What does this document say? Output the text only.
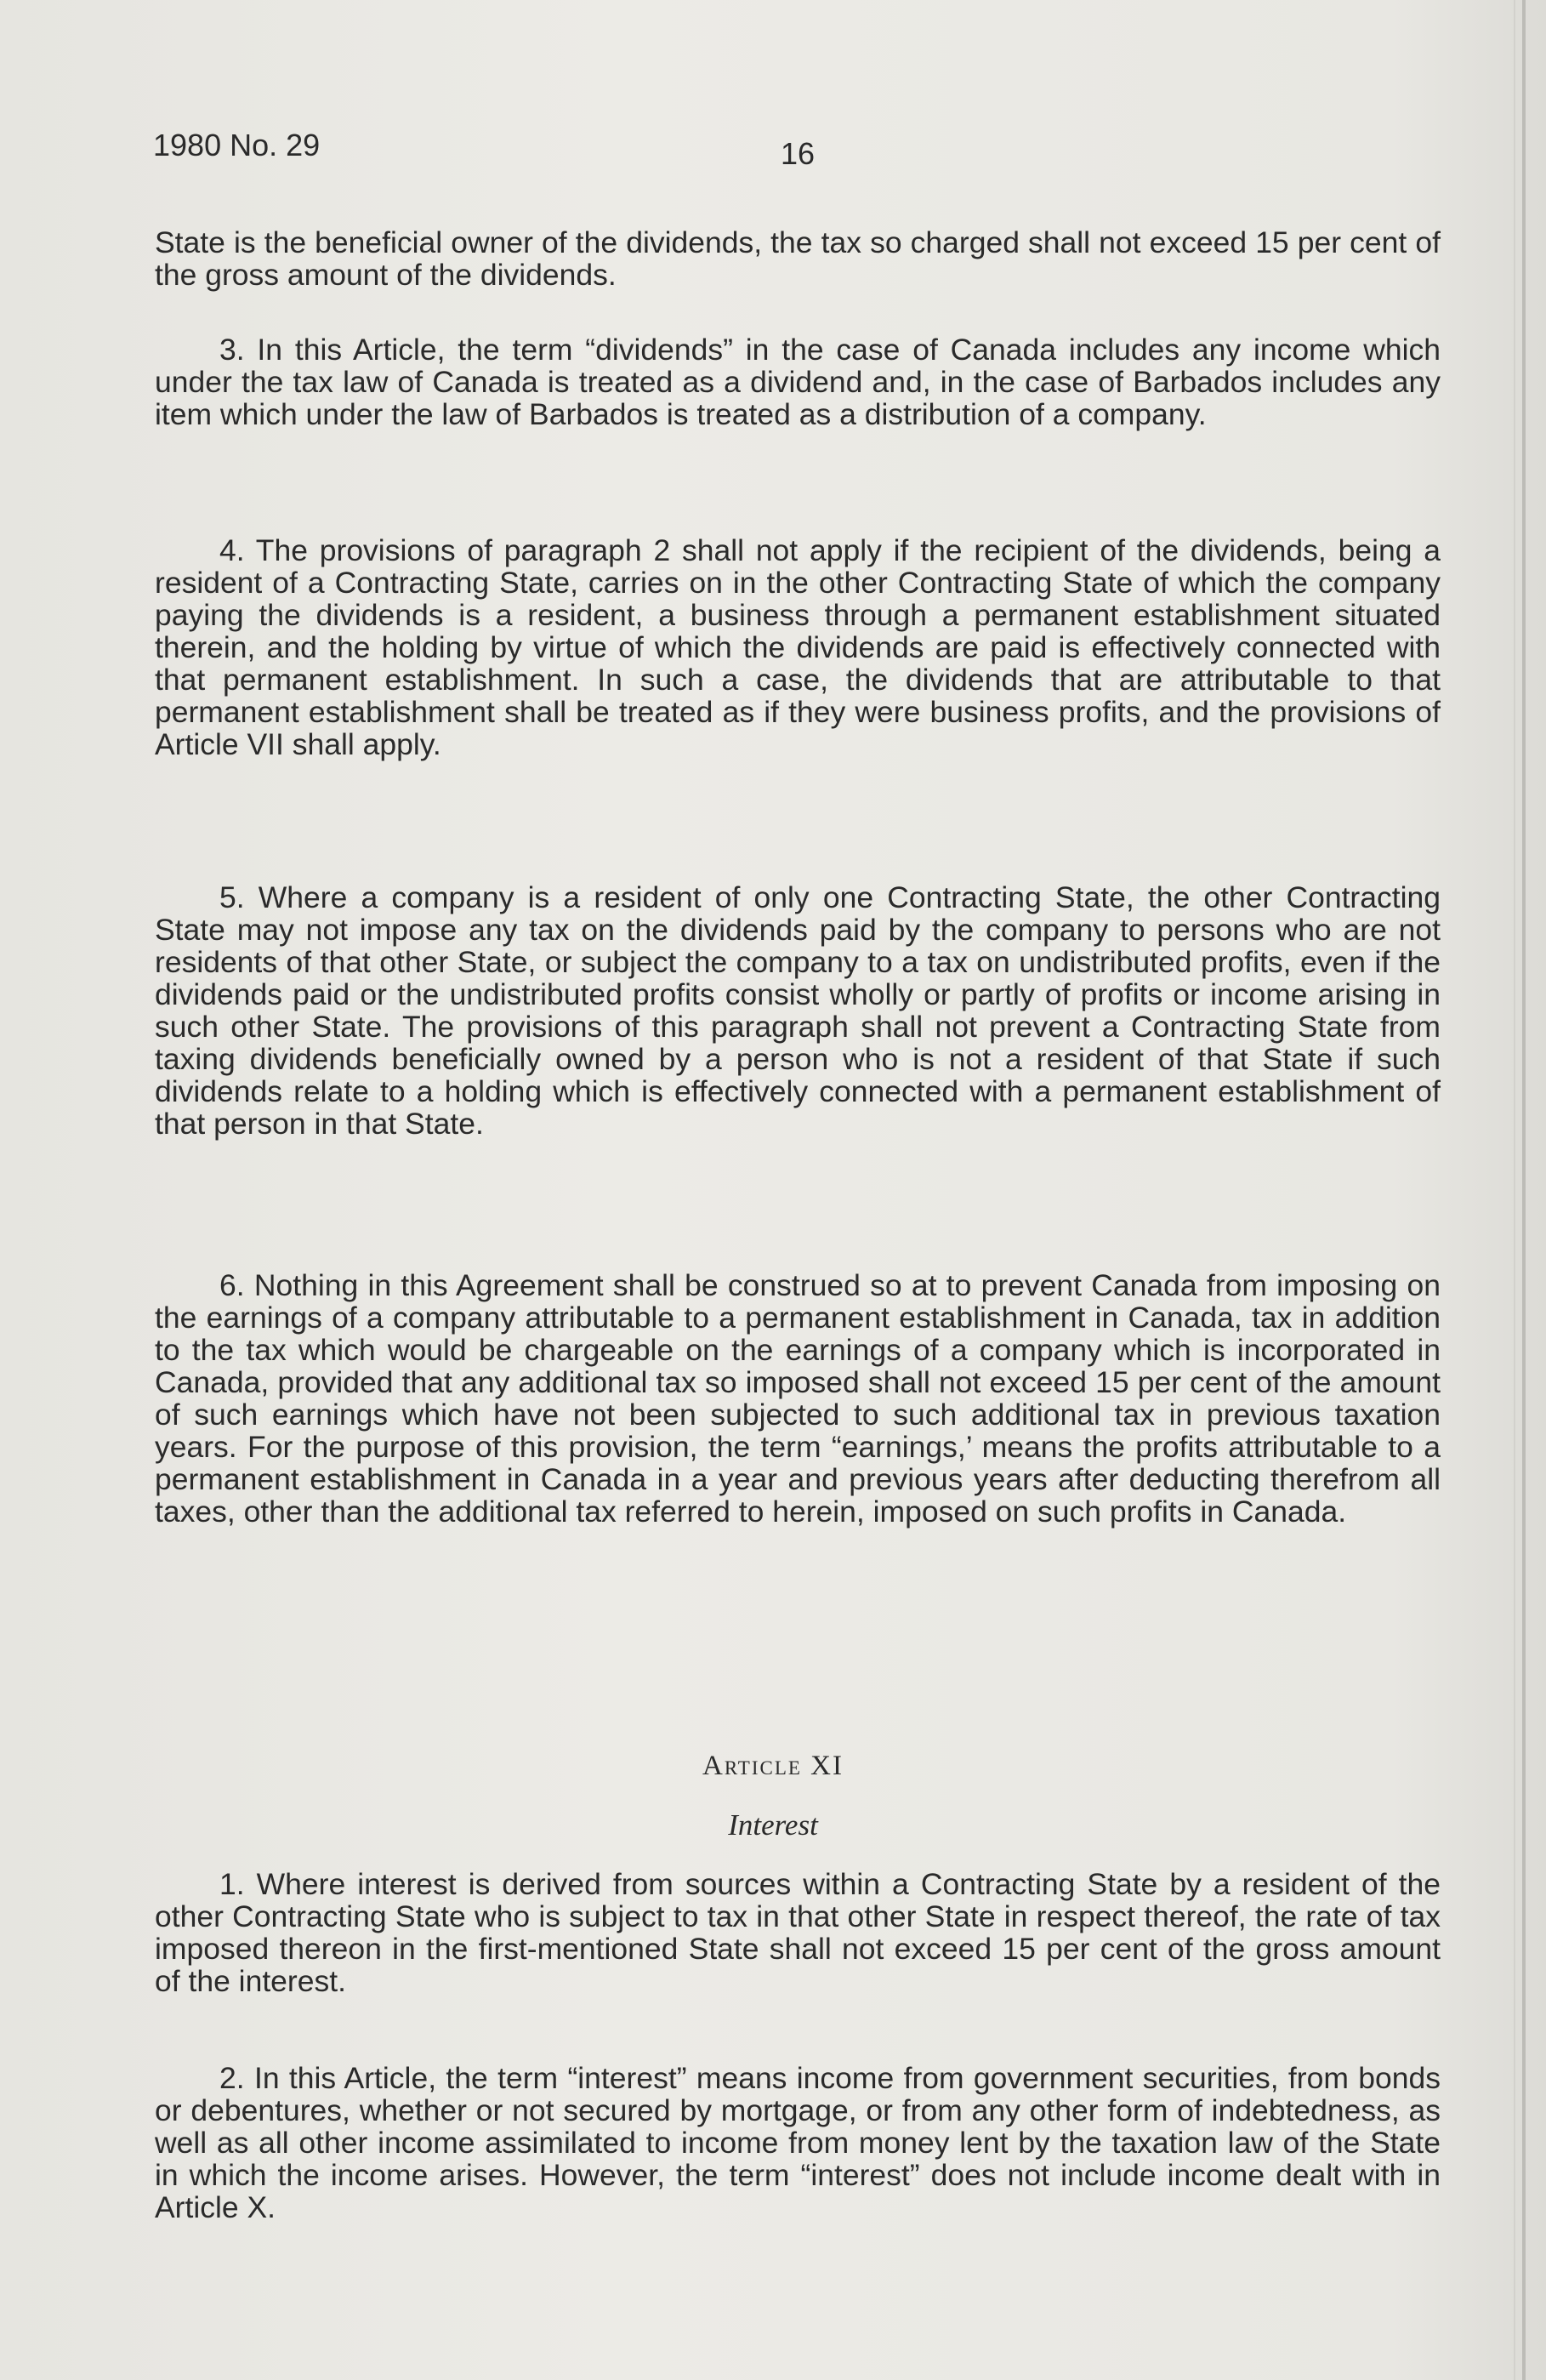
1980 No. 29	16

State is the beneficial owner of the dividends, the tax so charged shall not exceed 15 per cent of the gross amount of the dividends.

3. In this Article, the term “dividends” in the case of Canada includes any income which under the tax law of Canada is treated as a dividend and, in the case of Barbados includes any item which under the law of Barbados is treated as a distribution of a company.

4. The provisions of paragraph 2 shall not apply if the recipient of the dividends, being a resident of a Contracting State, carries on in the other Contracting State of which the company paying the dividends is a resident, a business through a permanent establishment situated therein, and the holding by virtue of which the dividends are paid is effectively connected with that permanent establishment. In such a case, the dividends that are attributable to that permanent establishment shall be treated as if they were business profits, and the provisions of Article VII shall apply.

5. Where a company is a resident of only one Contracting State, the other Contracting State may not impose any tax on the dividends paid by the company to persons who are not residents of that other State, or subject the company to a tax on undistributed profits, even if the dividends paid or the undistributed profits consist wholly or partly of profits or income arising in such other State. The provisions of this paragraph shall not prevent a Contracting State from taxing dividends beneficially owned by a person who is not a resident of that State if such dividends relate to a holding which is effectively connected with a permanent establishment of that person in that State.

6. Nothing in this Agreement shall be construed so at to prevent Canada from imposing on the earnings of a company attributable to a permanent establishment in Canada, tax in addition to the tax which would be chargeable on the earnings of a company which is incorporated in Canada, provided that any additional tax so imposed shall not exceed 15 per cent of the amount of such earnings which have not been subjected to such additional tax in previous taxation years. For the purpose of this provision, the term “earnings,’ means the profits attributable to a permanent establishment in Canada in a year and previous years after deducting therefrom all taxes, other than the additional tax referred to herein, imposed on such profits in Canada.

Article XI
Interest

1. Where interest is derived from sources within a Contracting State by a resident of the other Contracting State who is subject to tax in that other State in respect thereof, the rate of tax imposed thereon in the first-mentioned State shall not exceed 15 per cent of the gross amount of the interest.

2. In this Article, the term “interest” means income from government securities, from bonds or debentures, whether or not secured by mortgage, or from any other form of indebtedness, as well as all other income assimilated to income from money lent by the taxation law of the State in which the income arises. However, the term “interest” does not include income dealt with in Article X.
